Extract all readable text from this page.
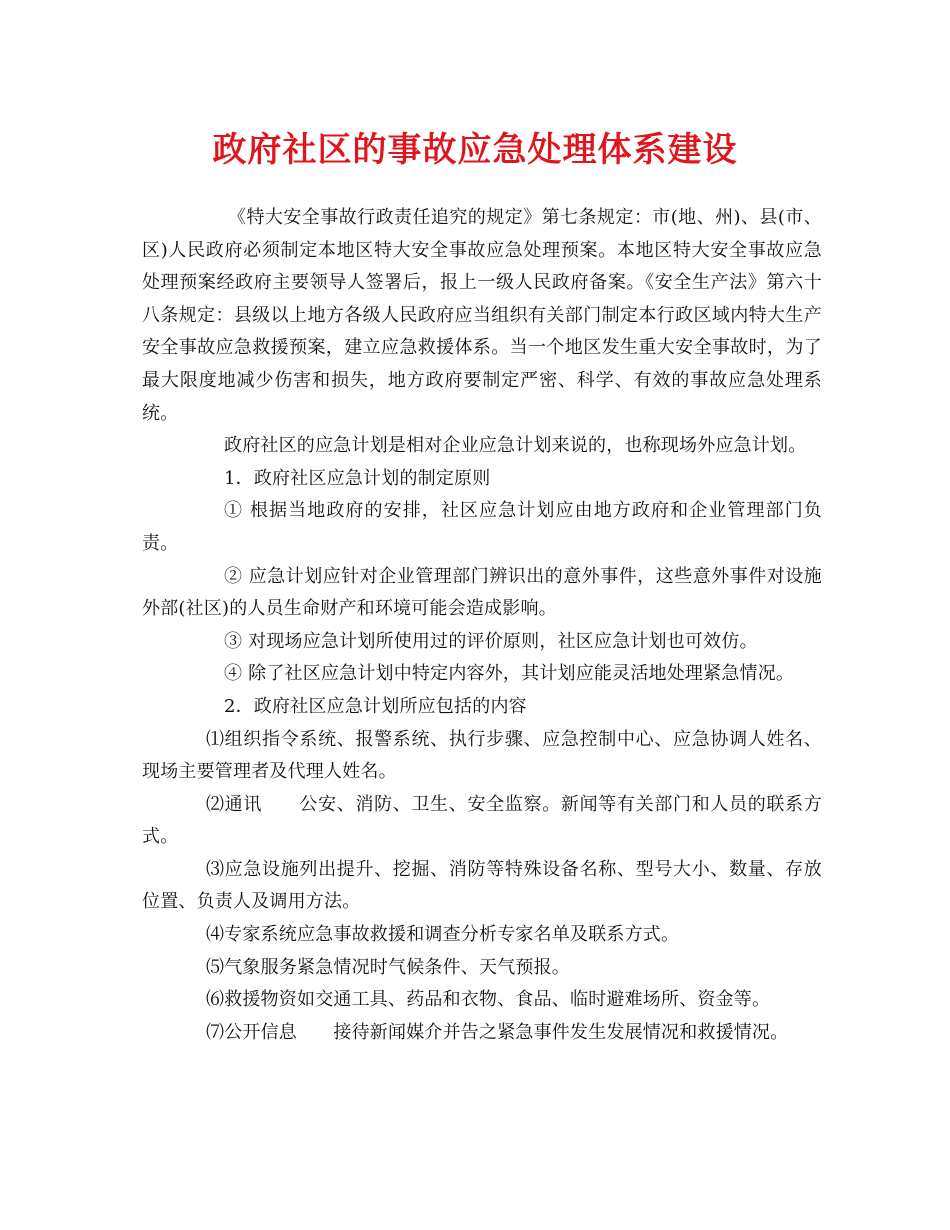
政府社区的事故应急处理体系建设

《特大安全事故行政责任追究的规定》第七条规定：市(地、州)、县(市、区)人民政府必须制定本地区特大安全事故应急处理预案。本地区特大安全事故应急处理预案经政府主要领导人签署后，报上一级人民政府备案。《安全生产法》第六十八条规定：县级以上地方各级人民政府应当组织有关部门制定本行政区域内特大生产安全事故应急救援预案，建立应急救援体系。当一个地区发生重大安全事故时，为了最大限度地减少伤害和损失，地方政府要制定严密、科学、有效的事故应急处理系统。

政府社区的应急计划是相对企业应急计划来说的，也称现场外应急计划。

1．政府社区应急计划的制定原则

① 根据当地政府的安排，社区应急计划应由地方政府和企业管理部门负责。

② 应急计划应针对企业管理部门辨识出的意外事件，这些意外事件对设施外部(社区)的人员生命财产和环境可能会造成影响。

③ 对现场应急计划所使用过的评价原则，社区应急计划也可效仿。

④ 除了社区应急计划中特定内容外，其计划应能灵活地处理紧急情况。

2．政府社区应急计划所应包括的内容

⑴组织指令系统、报警系统、执行步骤、应急控制中心、应急协调人姓名、现场主要管理者及代理人姓名。

⑵通讯　　公安、消防、卫生、安全监察。新闻等有关部门和人员的联系方式。

⑶应急设施列出提升、挖掘、消防等特殊设备名称、型号大小、数量、存放位置、负责人及调用方法。

⑷专家系统应急事故救援和调查分析专家名单及联系方式。

⑸气象服务紧急情况时气候条件、天气预报。

⑹救援物资如交通工具、药品和衣物、食品、临时避难场所、资金等。

⑺公开信息　　接待新闻媒介并告之紧急事件发生发展情况和救援情况。
